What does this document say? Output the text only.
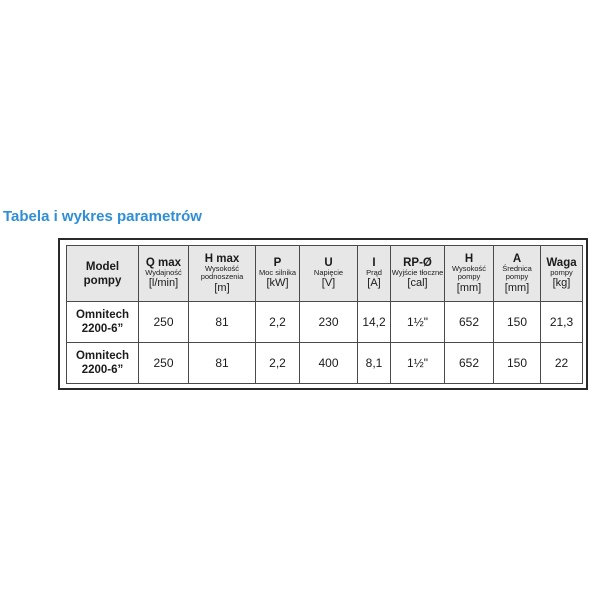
Tabela i wykres parametrów
Model
pompy	Q max
Wydajność
[l/min]	H max
Wysokość podnoszenia
[m]	P
Moc silnika
[kW]	U
Napięcie
[V]	I
Prąd
[A]	RP-Ø
Wyjście tłoczne
[cal]	H
Wysokość pompy
[mm]	A
Średnica pompy
[mm]	Waga
pompy
[kg]

Omnitech
2200-6”	250	81	2,2	230	14,2	1½"	652	150	21,3
Omnitech
2200-6”	250	81	2,2	400	8,1	1½"	652	150	22
